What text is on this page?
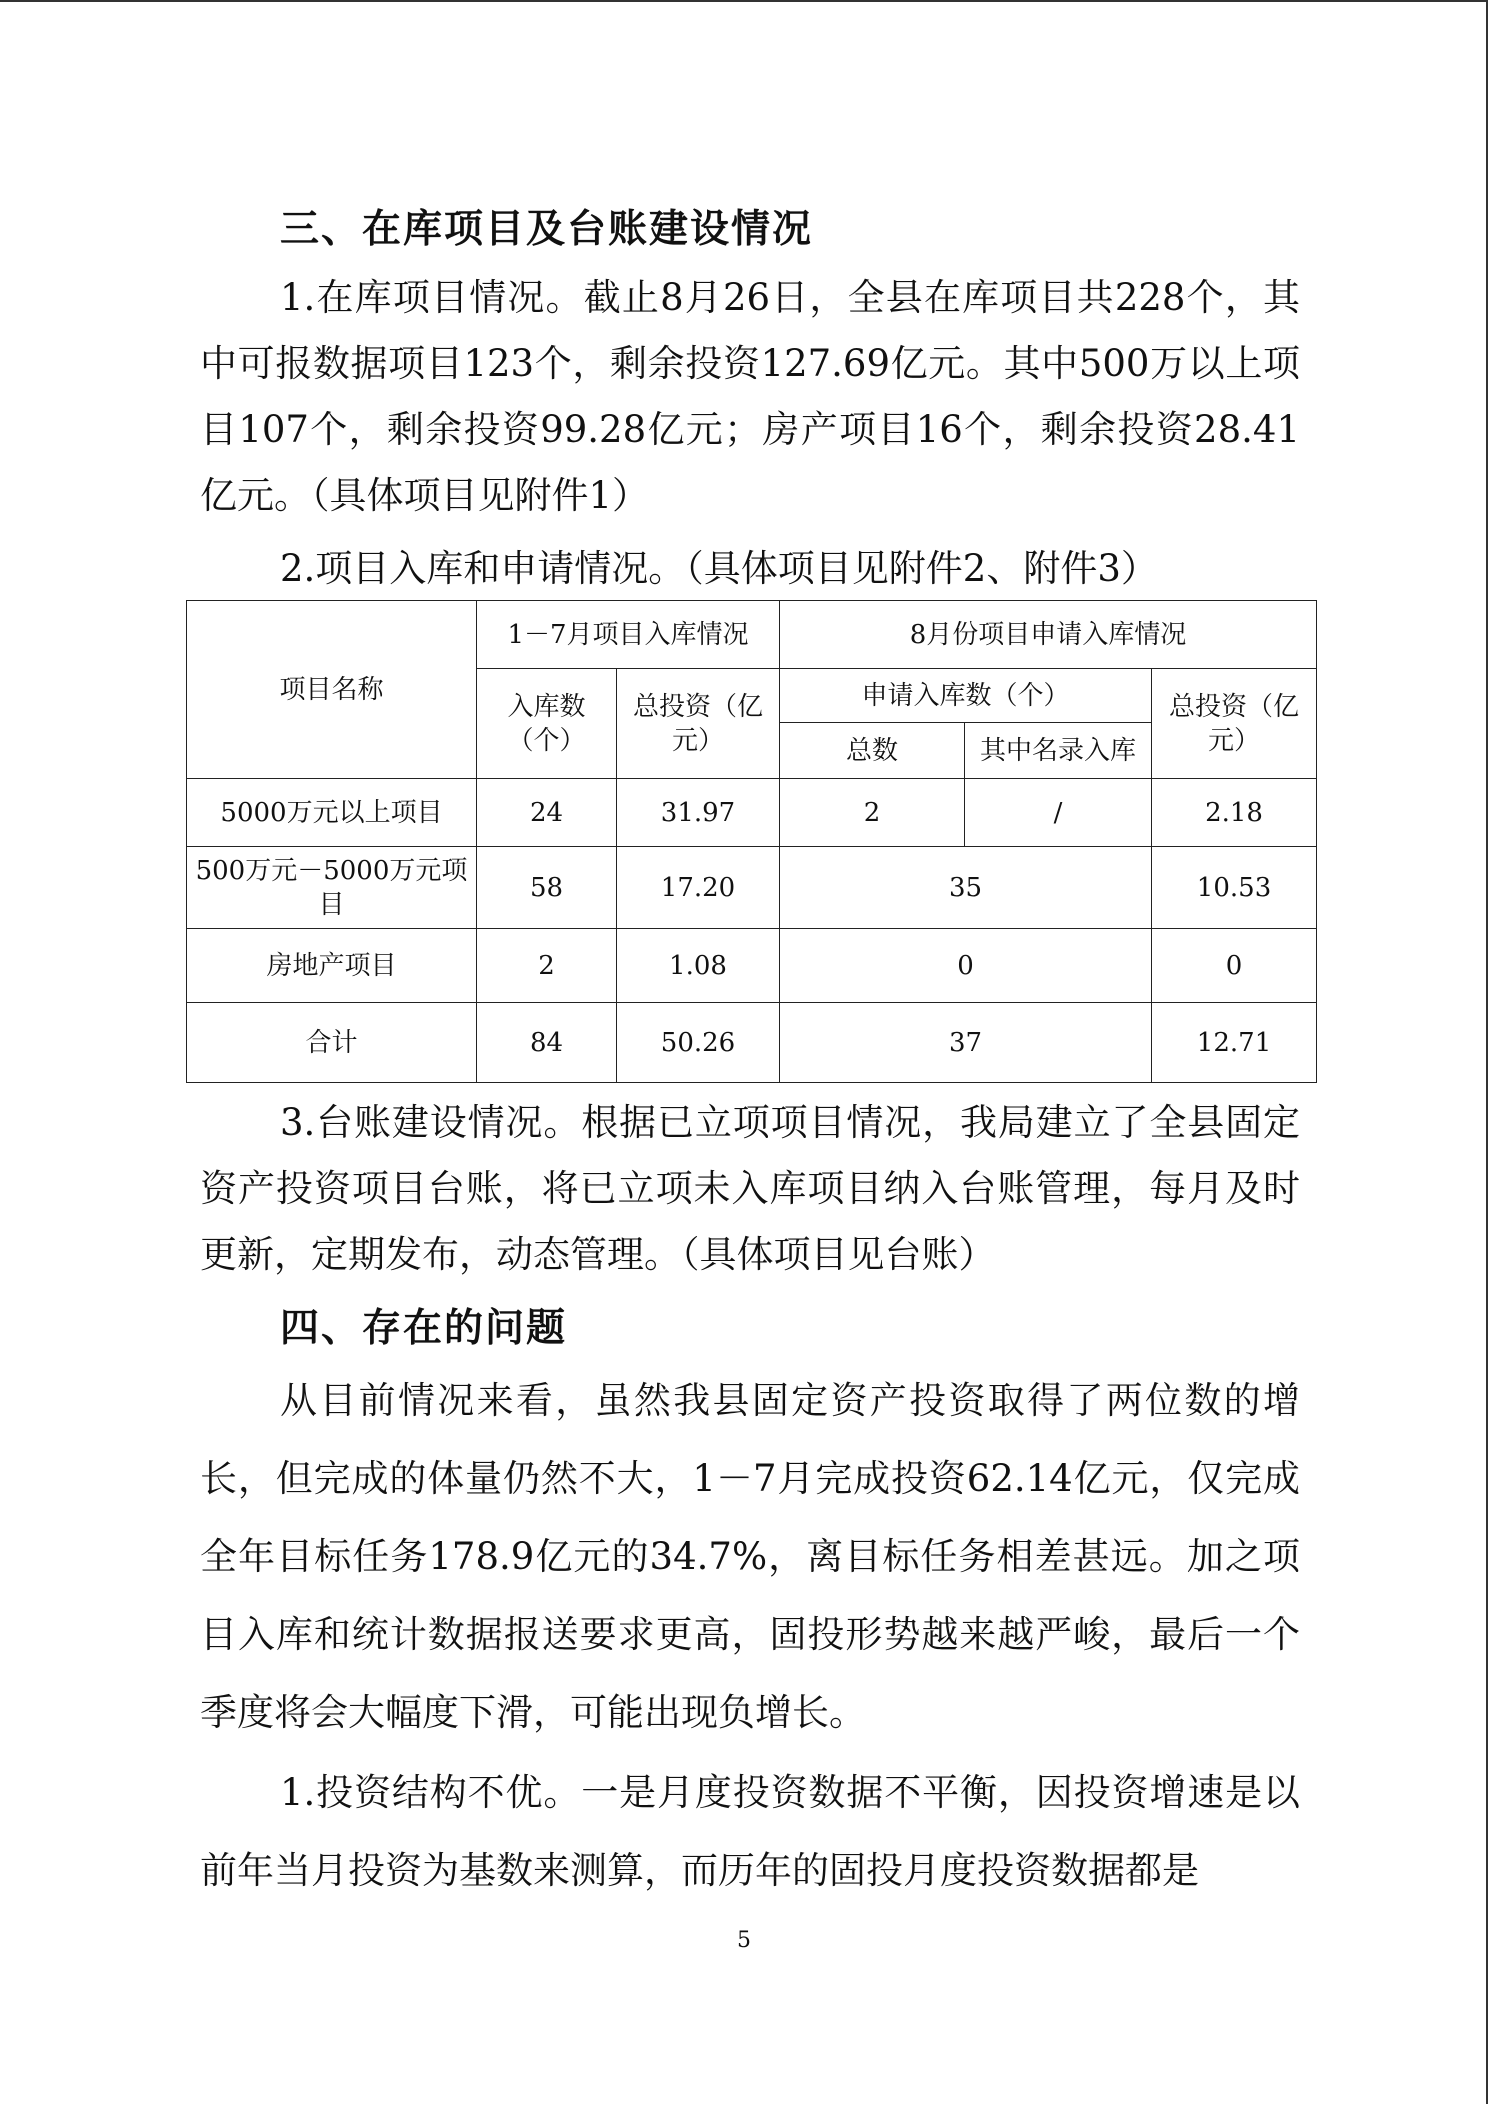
三、在库项目及台账建设情况
1.在库项目情况。截止8月26日，全县在库项目共228个，其中可报数据项目123个，剩余投资127.69亿元。其中500万以上项目107个，剩余投资99.28亿元；房产项目16个，剩余投资28.41亿元。（具体项目见附件1）
2.项目入库和申请情况。（具体项目见附件2、附件3）
项目名称	1－7月项目入库情况		8月份项目申请入库情况		
	入库数（个）	总投资（亿元）	申请入库数（个）		总投资（亿元）
			总数	其中名录入库	
5000万元以上项目	24	31.97	2	/	2.18
500万元－5000万元项目	58	17.20	35		10.53
房地产项目	2	1.08	0		0
合计	84	50.26	37		12.71
3.台账建设情况。根据已立项项目情况，我局建立了全县固定资产投资项目台账，将已立项未入库项目纳入台账管理，每月及时更新，定期发布，动态管理。（具体项目见台账）
四、存在的问题
从目前情况来看，虽然我县固定资产投资取得了两位数的增长，但完成的体量仍然不大，1－7月完成投资62.14亿元，仅完成全年目标任务178.9亿元的34.7%，离目标任务相差甚远。加之项目入库和统计数据报送要求更高，固投形势越来越严峻，最后一个季度将会大幅度下滑，可能出现负增长。
1.投资结构不优。一是月度投资数据不平衡，因投资增速是以前年当月投资为基数来测算，而历年的固投月度投资数据都是
5
